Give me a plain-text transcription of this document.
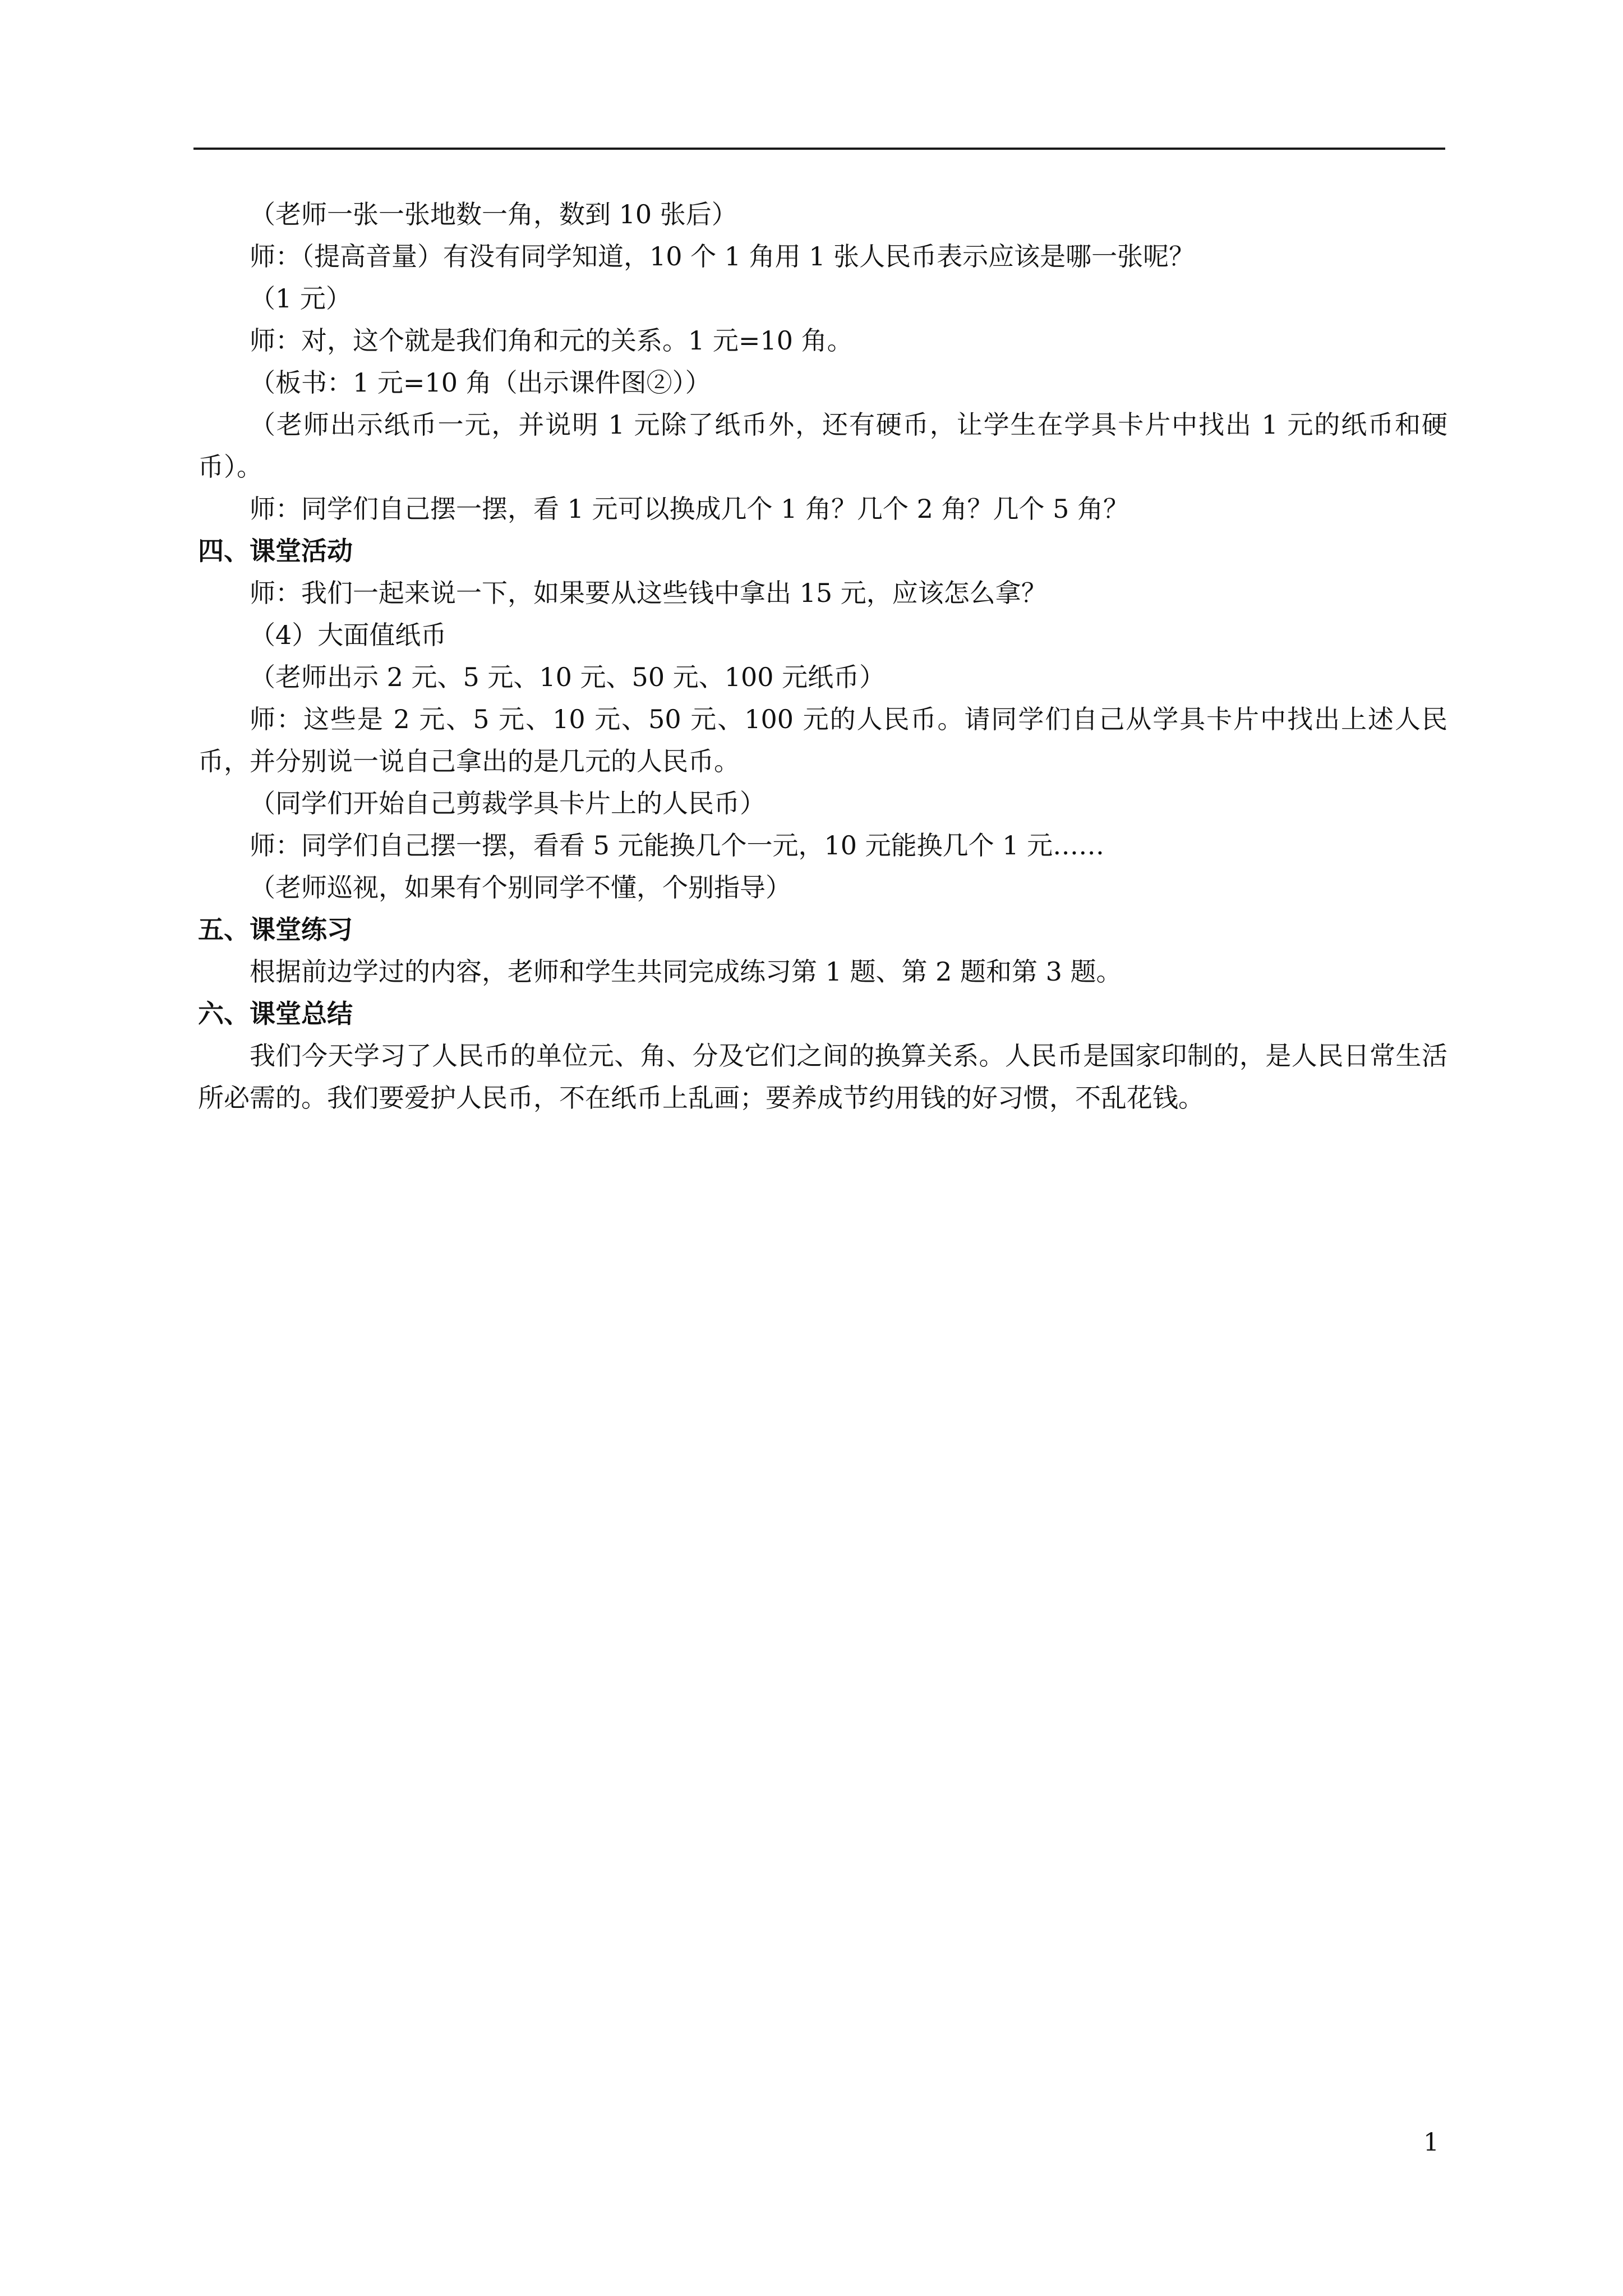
（老师一张一张地数一角，数到 10 张后）

师：（提高音量）有没有同学知道，10 个 1 角用 1 张人民币表示应该是哪一张呢？

（1 元）

师：对，这个就是我们角和元的关系。1 元=10 角。

（板书：1 元=10 角（出示课件图②））

（老师出示纸币一元，并说明 1 元除了纸币外，还有硬币，让学生在学具卡片中找出 1 元的纸币和硬币）。

师：同学们自己摆一摆，看 1 元可以换成几个 1 角？几个 2 角？几个 5 角？

四、课堂活动

师：我们一起来说一下，如果要从这些钱中拿出 15 元，应该怎么拿？

（4）大面值纸币

（老师出示 2 元、5 元、10 元、50 元、100 元纸币）

师：这些是 2 元、5 元、10 元、50 元、100 元的人民币。请同学们自己从学具卡片中找出上述人民币，并分别说一说自己拿出的是几元的人民币。

（同学们开始自己剪裁学具卡片上的人民币）

师：同学们自己摆一摆，看看 5 元能换几个一元，10 元能换几个 1 元……

（老师巡视，如果有个别同学不懂，个别指导）

五、课堂练习

根据前边学过的内容，老师和学生共同完成练习第 1 题、第 2 题和第 3 题。

六、课堂总结

我们今天学习了人民币的单位元、角、分及它们之间的换算关系。人民币是国家印制的，是人民日常生活所必需的。我们要爱护人民币，不在纸币上乱画；要养成节约用钱的好习惯，不乱花钱。

1
